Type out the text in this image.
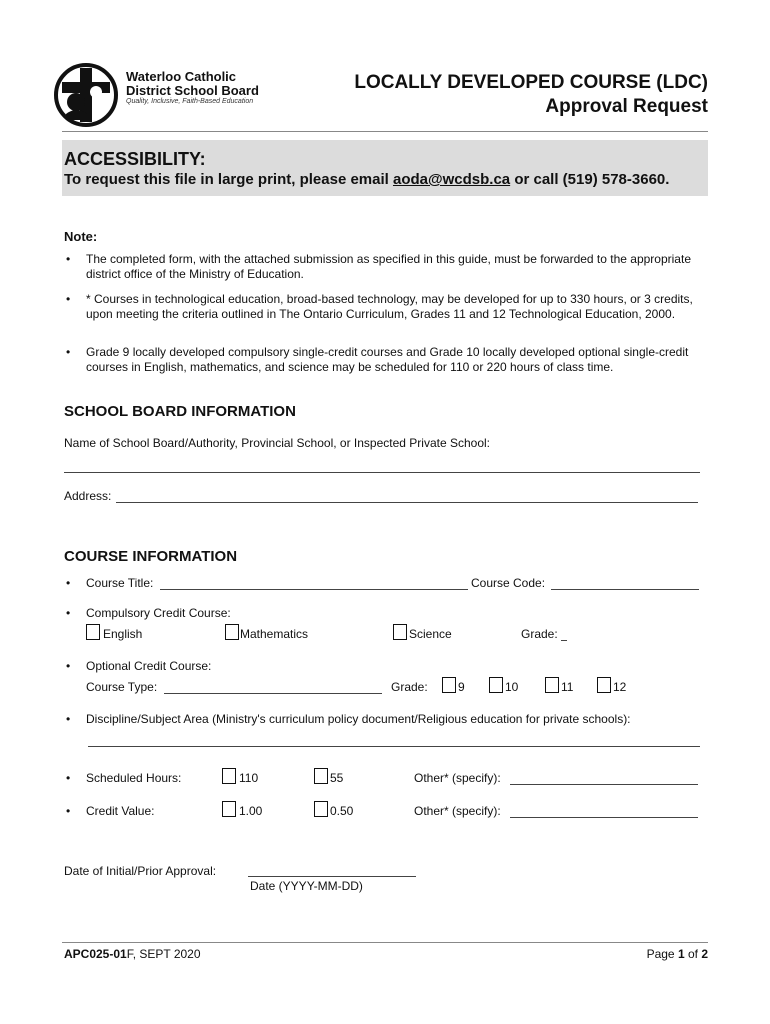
Waterloo Catholic
District School Board
Quality, Inclusive, Faith-Based Education
LOCALLY DEVELOPED COURSE (LDC)
Approval Request
ACCESSIBILITY:
To request this file in large print, please email aoda@wcdsb.ca or call (519) 578-3660.
Note:
• The completed form, with the attached submission as specified in this guide, must be forwarded to the appropriate district office of the Ministry of Education.
• * Courses in technological education, broad-based technology, may be developed for up to 330 hours, or 3 credits, upon meeting the criteria outlined in The Ontario Curriculum, Grades 11 and 12 Technological Education, 2000.
• Grade 9 locally developed compulsory single-credit courses and Grade 10 locally developed optional single-credit courses in English, mathematics, and science may be scheduled for 110 or 220 hours of class time.
SCHOOL BOARD INFORMATION
Name of School Board/Authority, Provincial School, or Inspected Private School:
Address:
COURSE INFORMATION
• Course Title:	Course Code:
• Compulsory Credit Course:
English	Mathematics	Science	Grade:
• Optional Credit Course:
Course Type:	Grade:	9	10	11	12
• Discipline/Subject Area (Ministry's curriculum policy document/Religious education for private schools):
• Scheduled Hours:	110	55	Other* (specify):
• Credit Value:	1.00	0.50	Other* (specify):
Date of Initial/Prior Approval:
Date (YYYY-MM-DD)
APC025-01F, SEPT 2020	Page 1 of 2
